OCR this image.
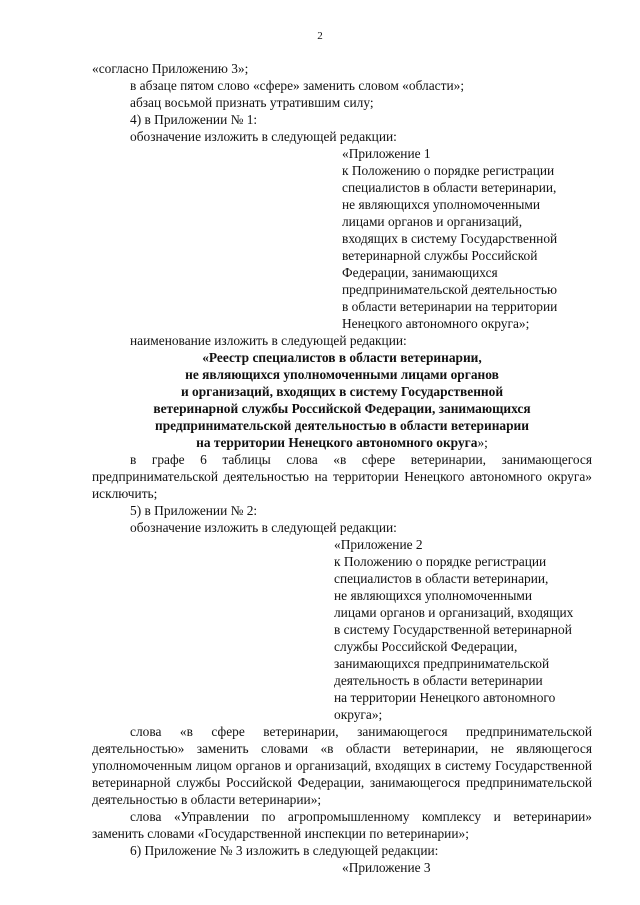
2

«согласно Приложению 3»;

в абзаце пятом слово «сфере» заменить словом «области»;

абзац восьмой признать утратившим силу;

4) в Приложении № 1:

обозначение изложить в следующей редакции:

«Приложение 1

к Положению о порядке регистрации

специалистов в области ветеринарии,

не являющихся уполномоченными

лицами органов и организаций,

входящих в систему Государственной

ветеринарной службы Российской

Федерации, занимающихся

предпринимательской деятельностью

в области ветеринарии на территории

Ненецкого автономного округа»;

наименование изложить в следующей редакции:

«Реестр специалистов в области ветеринарии,

не являющихся уполномоченными лицами органов

и организаций, входящих в систему Государственной

ветеринарной службы Российской Федерации, занимающихся

предпринимательской деятельностью в области ветеринарии

на территории Ненецкого автономного округа»;

в графе 6 таблицы слова «в сфере ветеринарии, занимающегося предпринимательской деятельностью на территории Ненецкого автономного округа» исключить;

5) в Приложении № 2:

обозначение изложить в следующей редакции:

«Приложение 2

к Положению о порядке регистрации

специалистов в области ветеринарии,

не являющихся уполномоченными

лицами органов и организаций, входящих

в систему Государственной ветеринарной

службы Российской Федерации,

занимающихся предпринимательской

деятельность в области ветеринарии

на территории Ненецкого автономного

округа»;

слова «в сфере ветеринарии, занимающегося предпринимательской деятельностью» заменить словами «в области ветеринарии, не являющегося уполномоченным лицом органов и организаций, входящих в систему Государственной ветеринарной службы Российской Федерации, занимающегося предпринимательской деятельностью в области ветеринарии»;

слова «Управлении по агропромышленному комплексу и ветеринарии» заменить словами «Государственной инспекции по ветеринарии»;

6) Приложение № 3 изложить в следующей редакции:

«Приложение 3
